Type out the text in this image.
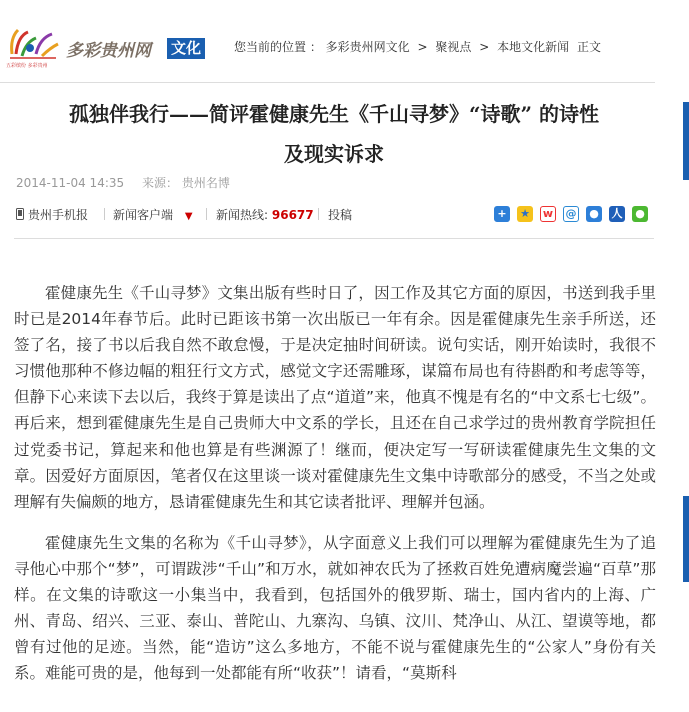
五彩缤纷 多彩贵州
多彩贵州网 文化	您当前的位置 ： 多彩贵州网文化 > 聚视点 > 本地文化新闻 正文
孤独伴我行——简评霍健康先生《千山寻梦》“诗歌” 的诗性
及现实诉求
2014-11-04 14:35 来源： 贵州名博
贵州手机报 新闻客户端 ▼ 新闻热线: 96677 投稿	+	★ w @ ● 人 ●

霍健康先生《千山寻梦》文集出版有些时日了，因工作及其它方面的原因，书送到我手里时已是2014年春节后。此时已距该书第一次出版已一年有余。因是霍健康先生亲手所送，还签了名，接了书以后我自然不敢怠慢，于是决定抽时间研读。说句实话，刚开始读时，我很不习惯他那种不修边幅的粗狂行文方式，感觉文字还需雕琢，谋篇布局也有待斟酌和考虑等等，但静下心来读下去以后，我终于算是读出了点“道道”来，他真不愧是有名的“中文系七七级”。再后来，想到霍健康先生是自己贵师大中文系的学长，且还在自己求学过的贵州教育学院担任过党委书记，算起来和他也算是有些渊源了！继而，便决定写一写研读霍健康先生文集的文章。因爱好方面原因，笔者仅在这里谈一谈对霍健康先生文集中诗歌部分的感受，不当之处或理解有失偏颇的地方，恳请霍健康先生和其它读者批评、理解并包涵。

霍健康先生文集的名称为《千山寻梦》，从字面意义上我们可以理解为霍健康先生为了追寻他心中那个“梦”，可谓跋涉“千山”和万水，就如神农氏为了拯救百姓免遭病魔尝遍“百草”那样。在文集的诗歌这一小集当中，我看到，包括国外的俄罗斯、瑞士，国内省内的上海、广州、青岛、绍兴、三亚、泰山、普陀山、九寨沟、乌镇、汶川、梵净山、从江、望谟等地，都曾有过他的足迹。当然，能“造访”这么多地方，不能不说与霍健康先生的“公家人”身份有关系。难能可贵的是，他每到一处都能有所“收获”！请看，“莫斯科
